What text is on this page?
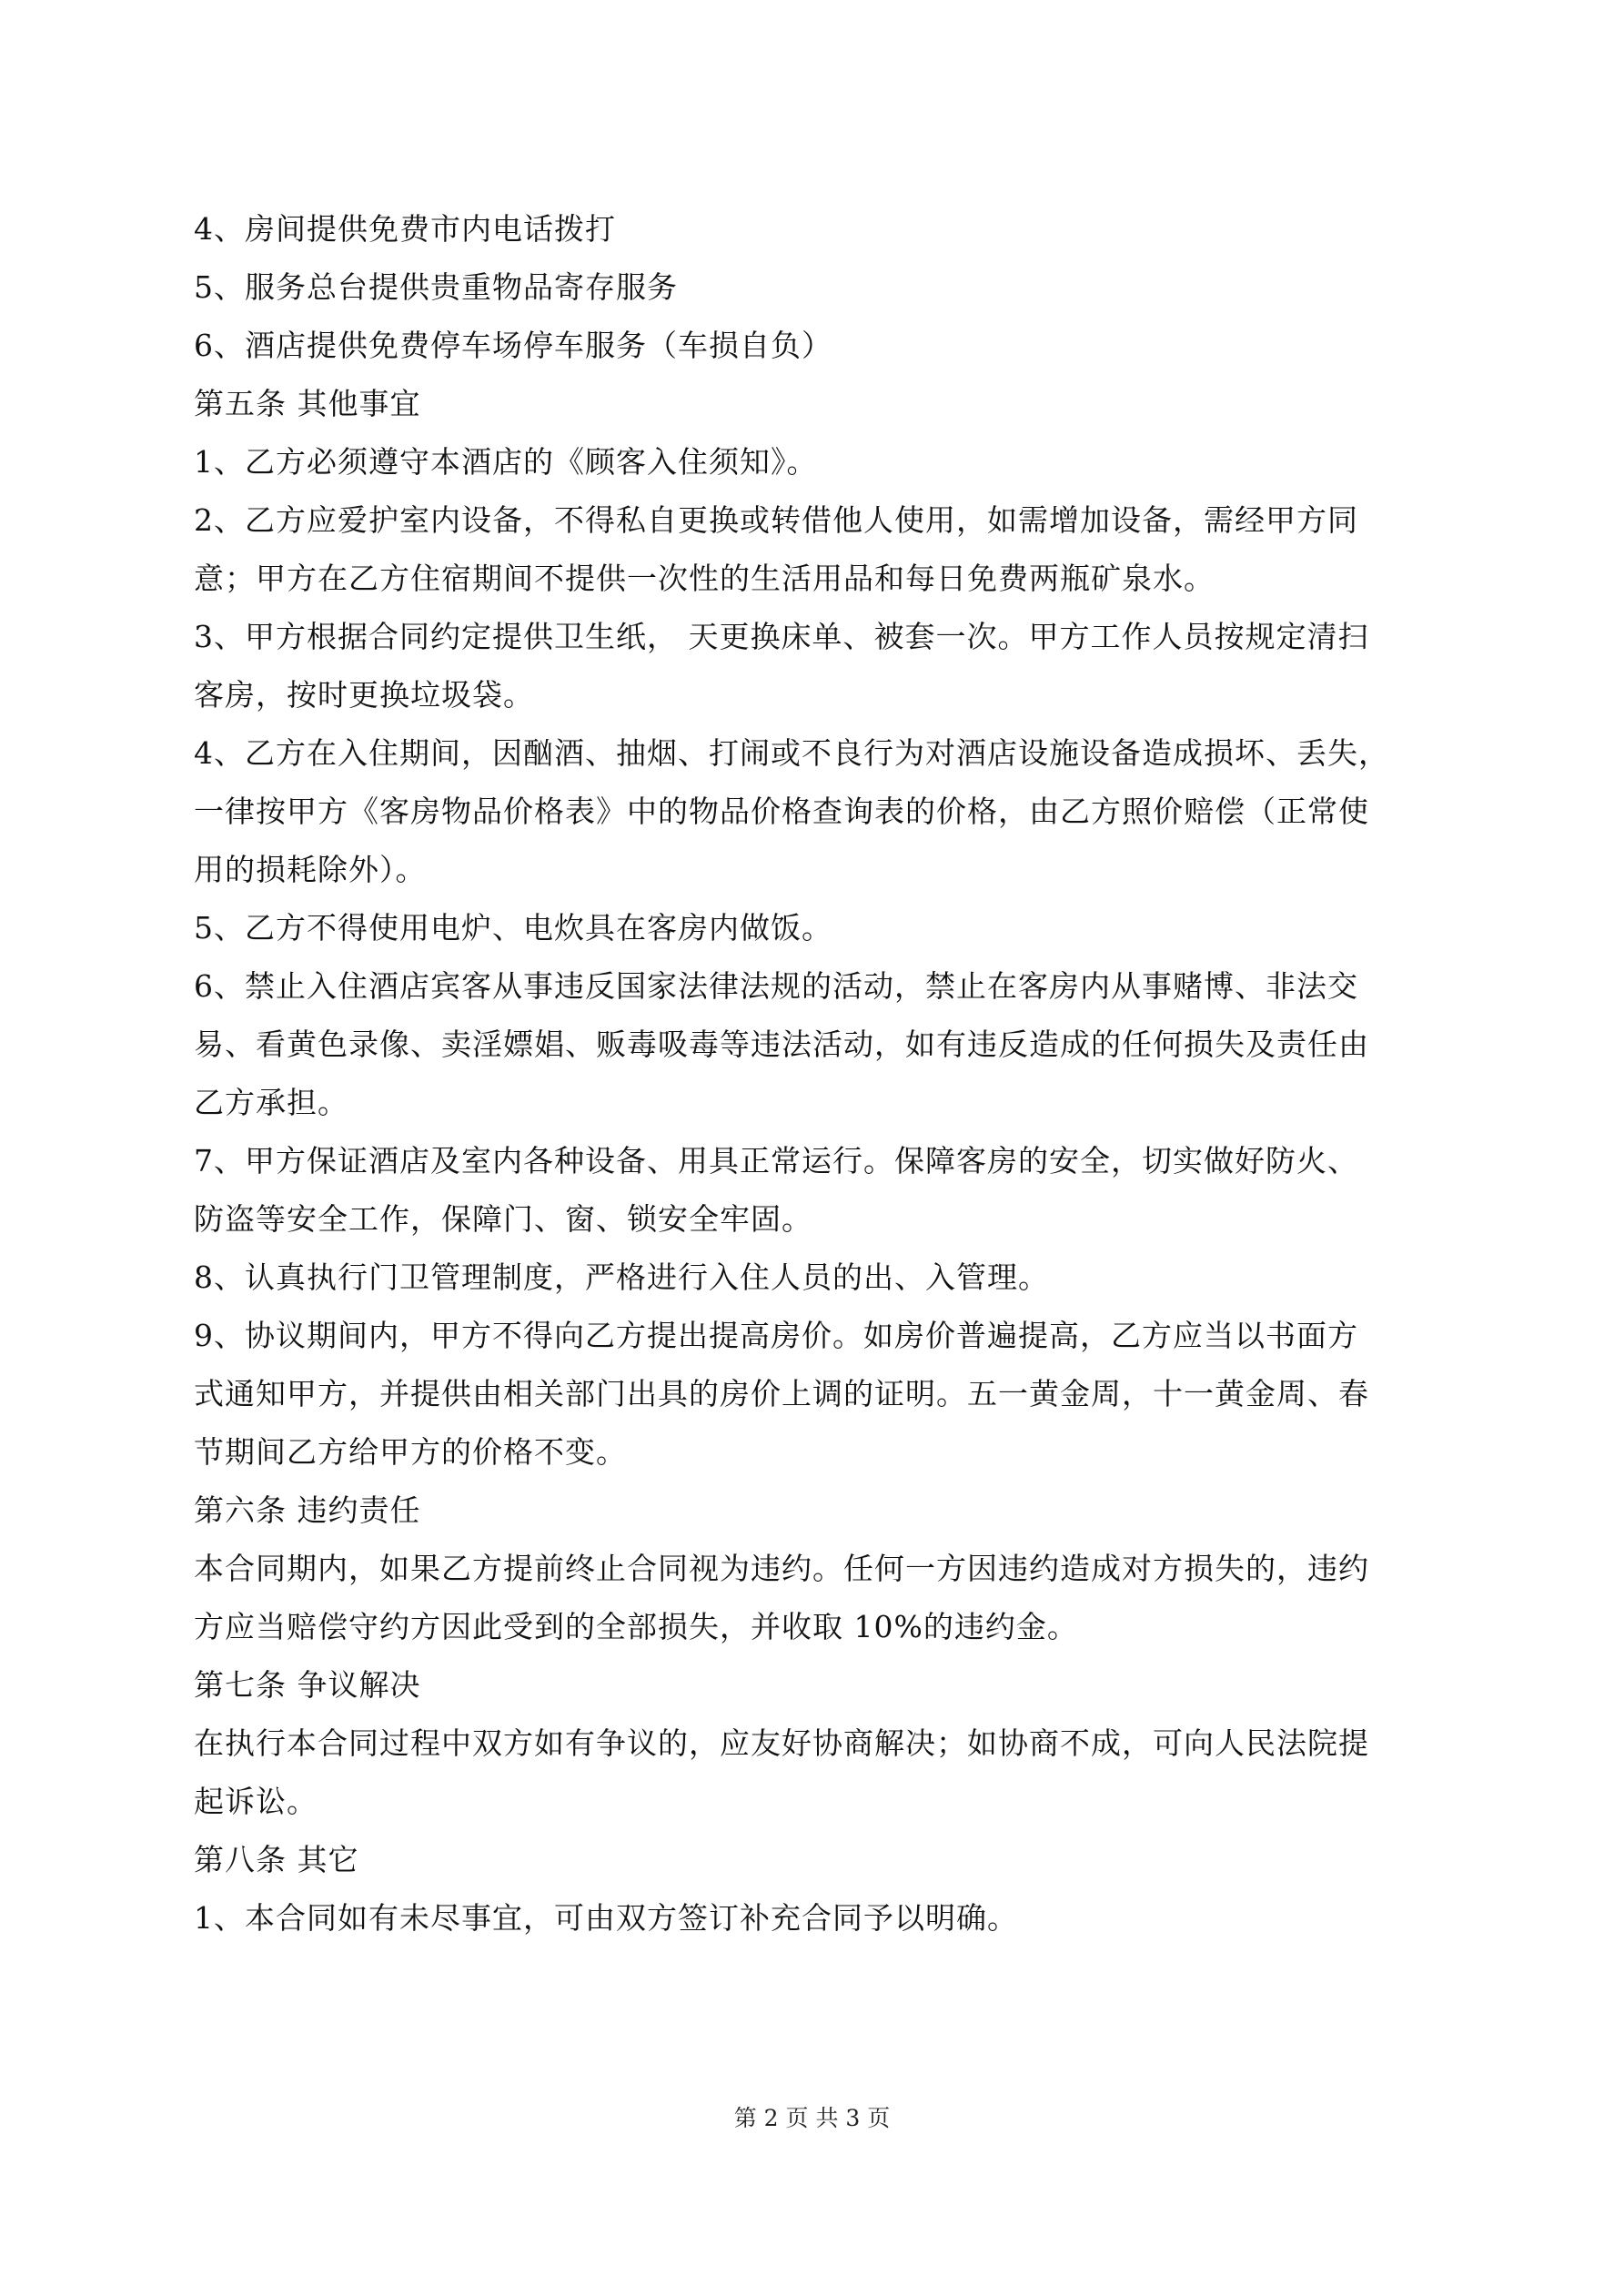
4、房间提供免费市内电话拨打
5、服务总台提供贵重物品寄存服务
6、酒店提供免费停车场停车服务（车损自负）
第五条 其他事宜
1、乙方必须遵守本酒店的《顾客入住须知》。
2、乙方应爱护室内设备，不得私自更换或转借他人使用，如需增加设备，需经甲方同
意；甲方在乙方住宿期间不提供一次性的生活用品和每日免费两瓶矿泉水。
3、甲方根据合同约定提供卫生纸， 天更换床单、被套一次。甲方工作人员按规定清扫
客房，按时更换垃圾袋。
4、乙方在入住期间，因酗酒、抽烟、打闹或不良行为对酒店设施设备造成损坏、丢失，
一律按甲方《客房物品价格表》中的物品价格查询表的价格，由乙方照价赔偿（正常使
用的损耗除外）。
5、乙方不得使用电炉、电炊具在客房内做饭。
6、禁止入住酒店宾客从事违反国家法律法规的活动，禁止在客房内从事赌博、非法交
易、看黄色录像、卖淫嫖娼、贩毒吸毒等违法活动，如有违反造成的任何损失及责任由
乙方承担。
7、甲方保证酒店及室内各种设备、用具正常运行。保障客房的安全，切实做好防火、
防盗等安全工作，保障门、窗、锁安全牢固。
8、认真执行门卫管理制度，严格进行入住人员的出、入管理。
9、协议期间内，甲方不得向乙方提出提高房价。如房价普遍提高，乙方应当以书面方
式通知甲方，并提供由相关部门出具的房价上调的证明。五一黄金周，十一黄金周、春
节期间乙方给甲方的价格不变。
第六条 违约责任
本合同期内，如果乙方提前终止合同视为违约。任何一方因违约造成对方损失的，违约
方应当赔偿守约方因此受到的全部损失，并收取 10%的违约金。
第七条 争议解决
在执行本合同过程中双方如有争议的，应友好协商解决；如协商不成，可向人民法院提
起诉讼。
第八条 其它
1、本合同如有未尽事宜，可由双方签订补充合同予以明确。
第 2 页 共 3 页
